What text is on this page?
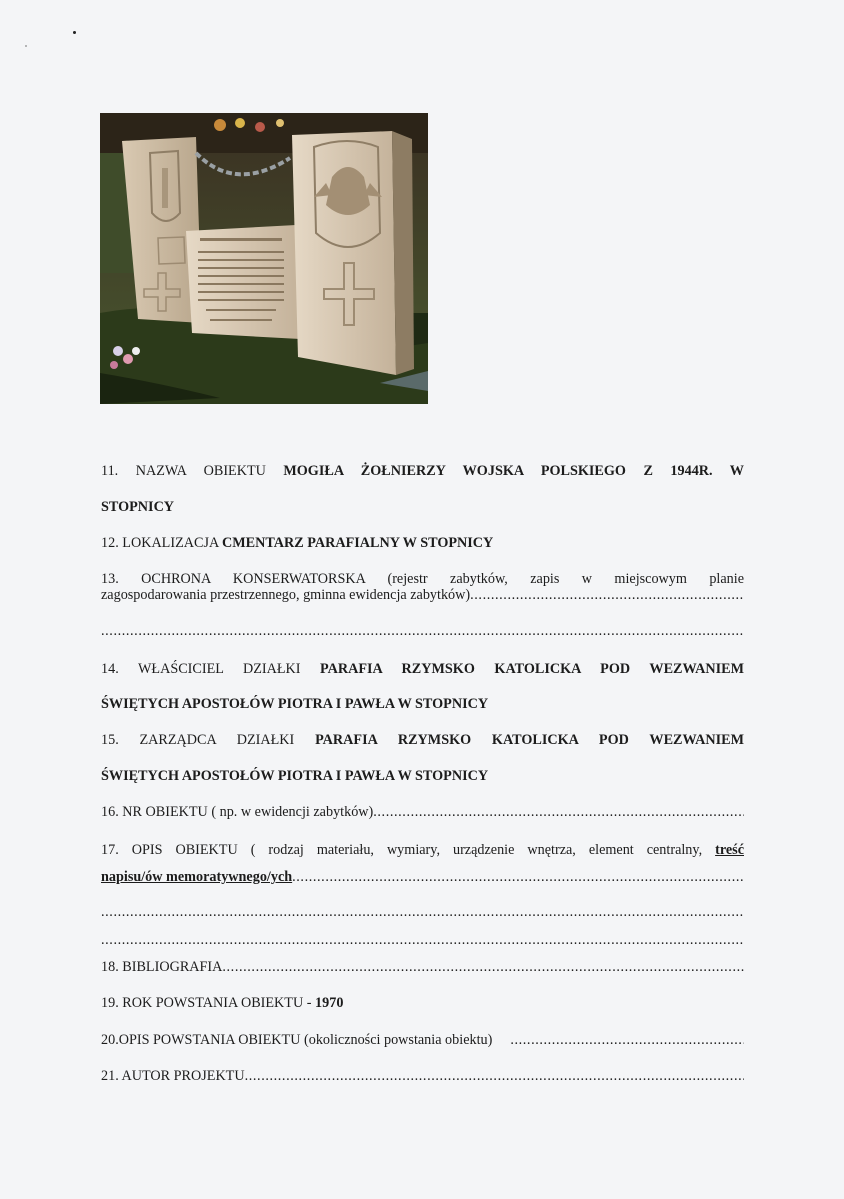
11. NAZWA OBIEKTU MOGIŁA ŻOŁNIERZY WOJSKA POLSKIEGO Z 1944R. W
STOPNICY
12. LOKALIZACJA CMENTARZ PARAFIALNY W STOPNICY
13. OCHRONA KONSERWATORSKA (rejestr zabytków, zapis w miejscowym planie
zagospodarowania przestrzennego, gminna ewidencja zabytków)
.....
.....
14. WŁAŚCICIEL DZIAŁKI PARAFIA RZYMSKO KATOLICKA POD WEZWANIEM
ŚWIĘTYCH APOSTOŁÓW PIOTRA I PAWŁA W STOPNICY
15. ZARZĄDCA DZIAŁKI PARAFIA RZYMSKO KATOLICKA POD WEZWANIEM
ŚWIĘTYCH APOSTOŁÓW PIOTRA I PAWŁA W STOPNICY
16. NR OBIEKTU ( np. w ewidencji zabytków)
.....
17. OPIS OBIEKTU ( rodzaj materiału, wymiary, urządzenie wnętrza, element centralny, treść
napisu/ów memoratywnego/ych
.....
.....
.....
18. BIBLIOGRAFIA
.....
19. ROK POWSTANIA OBIEKTU - 1970
20.OPIS POWSTANIA OBIEKTU (okoliczności powstania obiektu)
.....
21. AUTOR PROJEKTU
.....
